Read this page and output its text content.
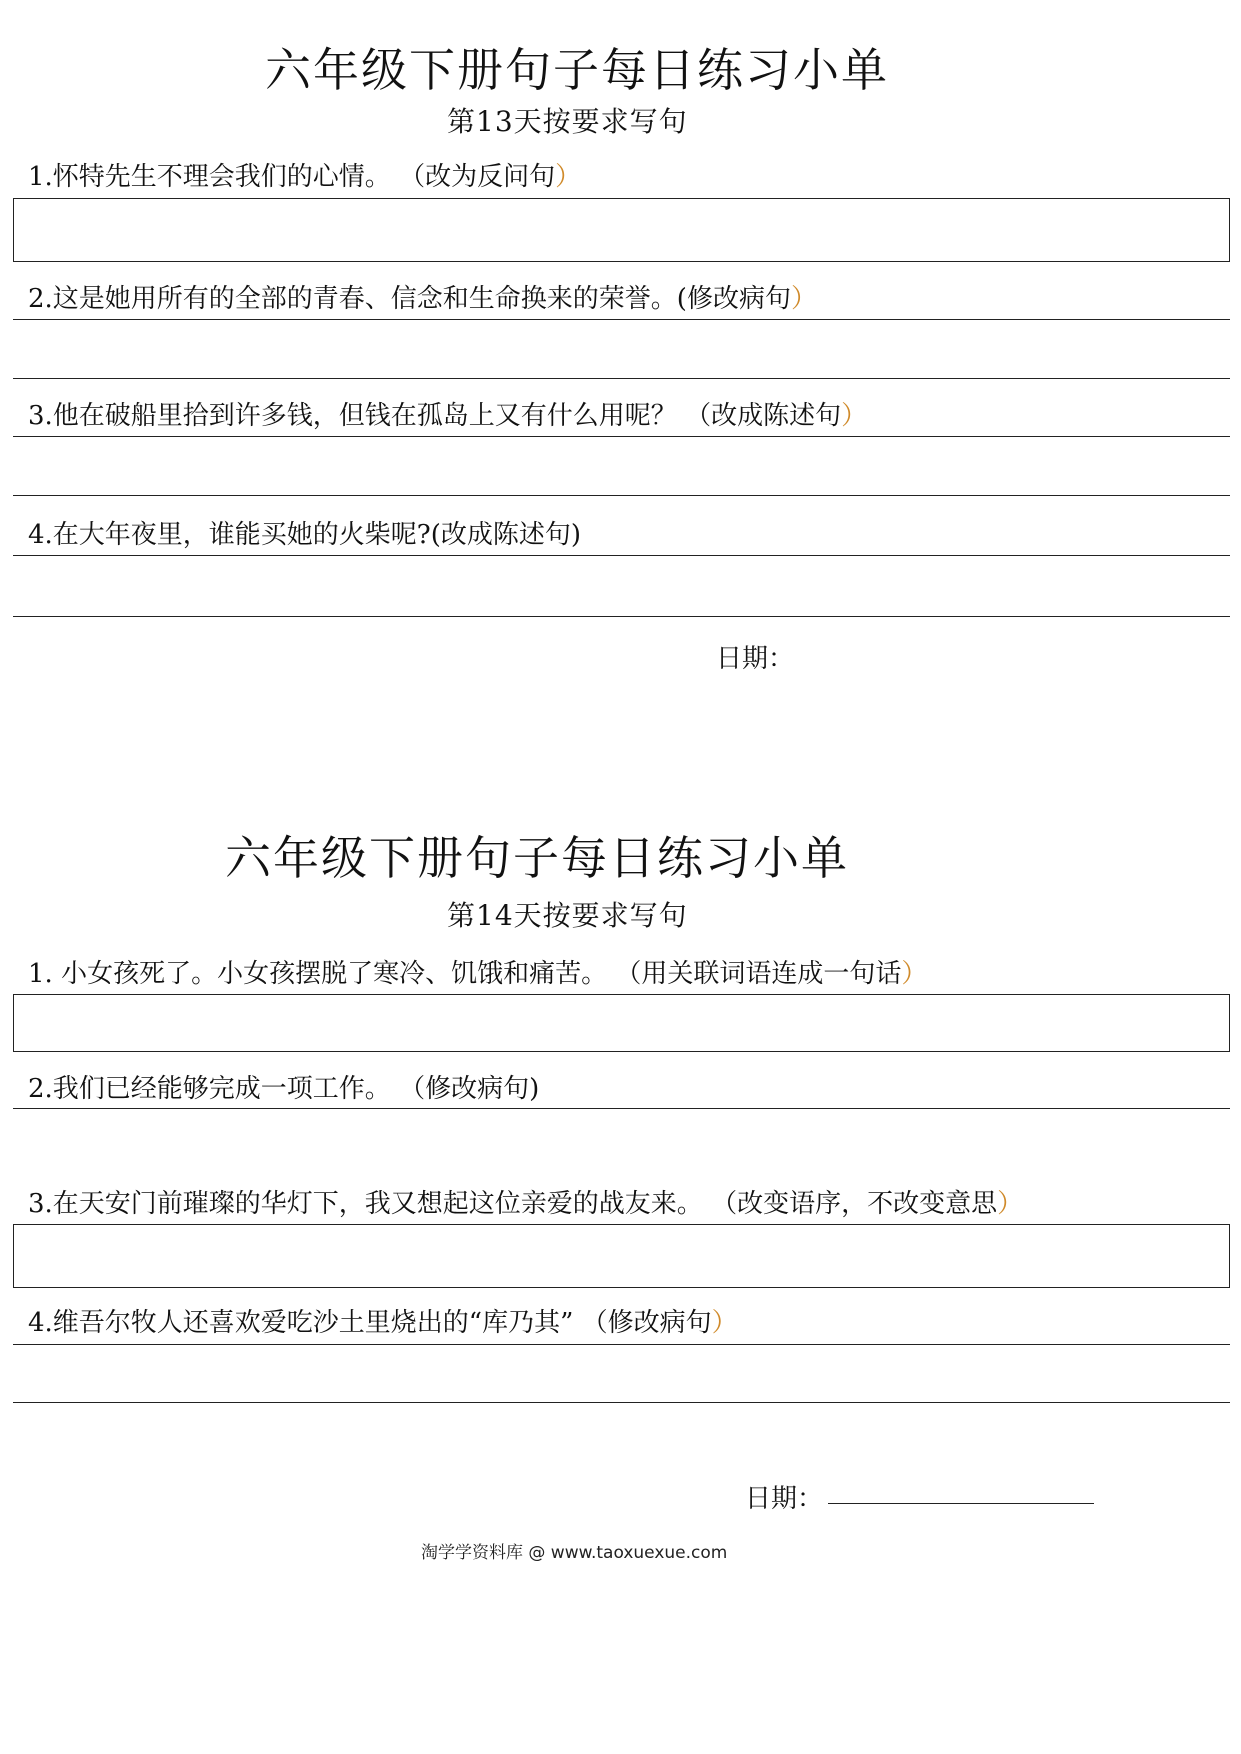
六年级下册句子每日练习小单
第13天按要求写句
1.怀特先生不理会我们的心情。 （改为反问句）
2.这是她用所有的全部的青春、信念和生命换来的荣誉。(修改病句）
3.他在破船里拾到许多钱，但钱在孤岛上又有什么用呢？ （改成陈述句）
4.在大年夜里，谁能买她的火柴呢?(改成陈述句)
日期：
六年级下册句子每日练习小单
第14天按要求写句
1. 小女孩死了。小女孩摆脱了寒冷、饥饿和痛苦。 （用关联词语连成一句话）
2.我们已经能够完成一项工作。 （修改病句)
3.在天安门前璀璨的华灯下，我又想起这位亲爱的战友来。 （改变语序，不改变意思）
4.维吾尔牧人还喜欢爱吃沙土里烧出的“库乃其” （修改病句）
日期：
淘学学资料库 @ www.taoxuexue.com
